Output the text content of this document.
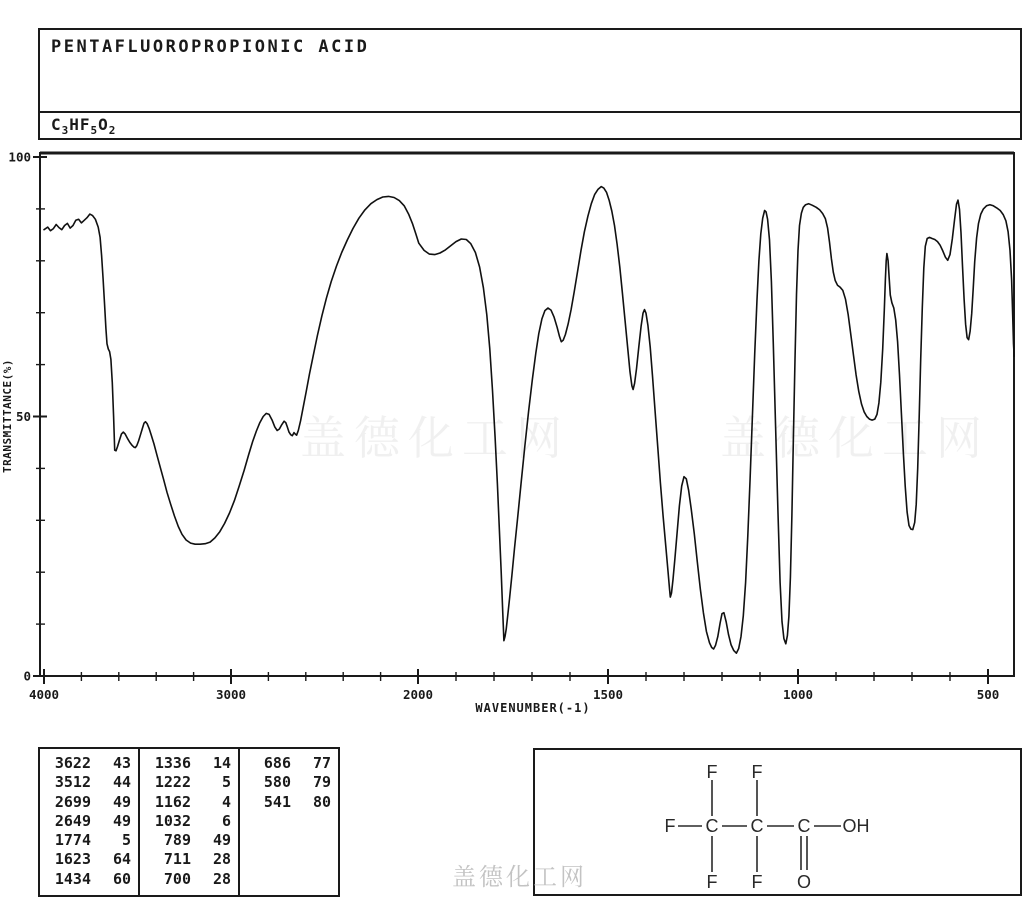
4000	3000	2000	1500	1000	500
0
50
100
WAVENUMBER(-1)
TRANSMITTANCE(%)
F C C C OH
F F
F F O
盖德化工网	盖德化工网
PENTAFLUOROPROPIONIC ACID
$C_3HF_5O_2$
3622	43
3512	44
2699	49
2649	49
1774	5
1623	64
1434	60
1336	14
1222	5
1162	4
1032	6
789	49
711	28
700	28
686	77
580	79
541	80
盖德化工网
